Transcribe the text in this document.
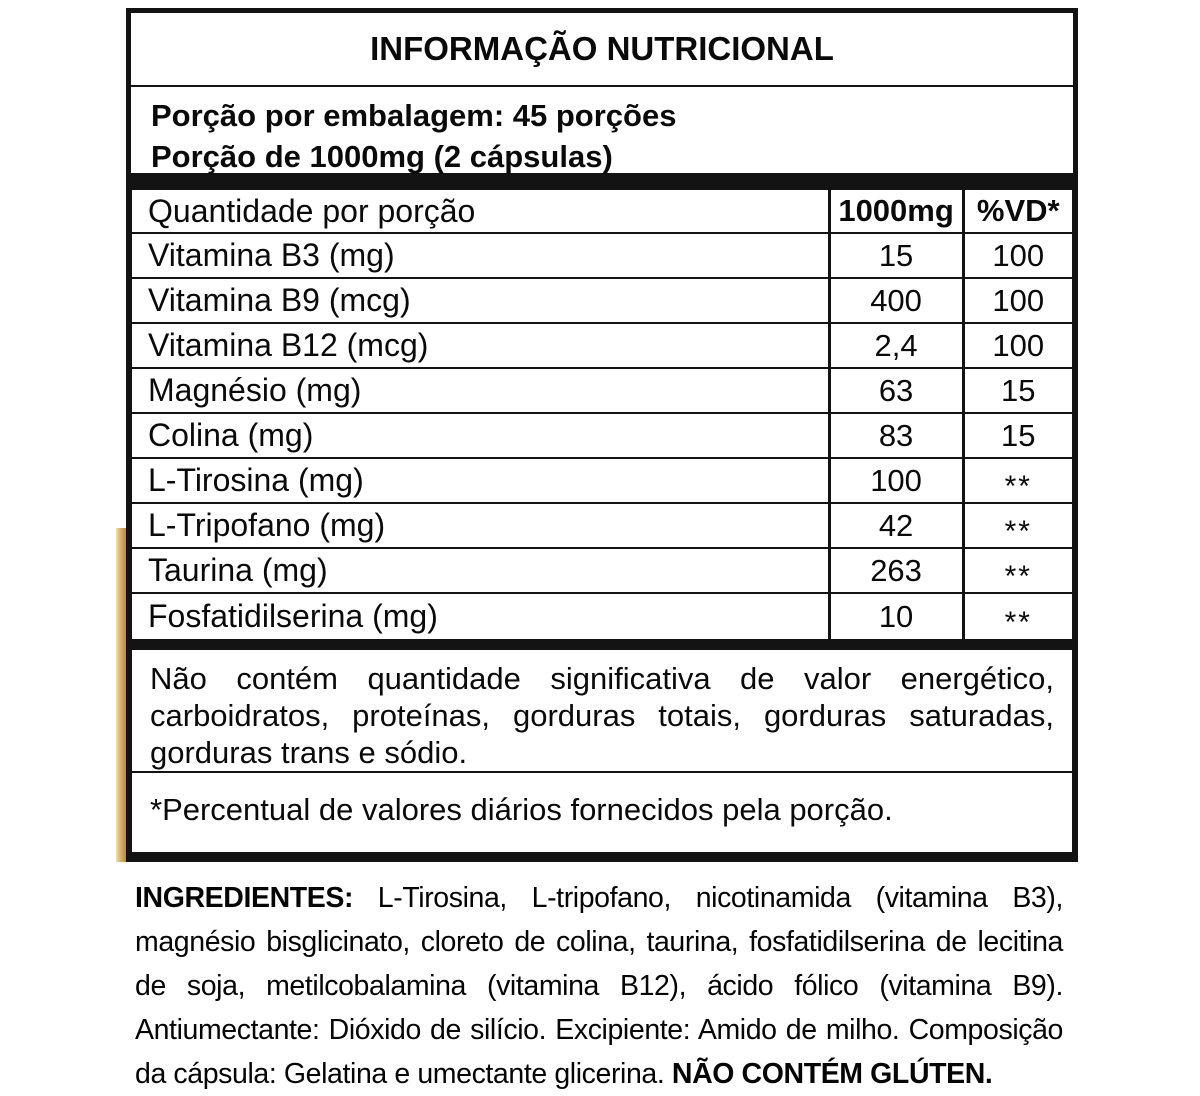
INFORMAÇÃO NUTRICIONAL
Porção por embalagem: 45 porções
Porção de 1000mg (2 cápsulas)
Quantidade por porção	1000mg %VD*
Vitamina B3 (mg)	15	100
Vitamina B9 (mcg)	400	100
Vitamina B12 (mcg)	2,4	100
Magnésio (mg)	63	15
Colina (mg)	83	15
L-Tirosina (mg)	100	**
L-Tripofano (mg)	42	**
Taurina (mg)	263	**
Fosfatidilserina (mg)	10	**
Não contém quantidade significativa de valor energético, carboidratos, proteínas, gorduras totais, gorduras saturadas, gorduras trans e sódio.
*Percentual de valores diários fornecidos pela porção.
INGREDIENTES: L-Tirosina, L-tripofano, nicotinamida (vitamina B3), magnésio bisglicinato, cloreto de colina, taurina, fosfatidilserina de lecitina de soja, metilcobalamina (vitamina B12), ácido fólico (vitamina B9). Antiumectante: Dióxido de silício. Excipiente: Amido de milho. Composição da cápsula: Gelatina e umectante glicerina. NÃO CONTÉM GLÚTEN.
